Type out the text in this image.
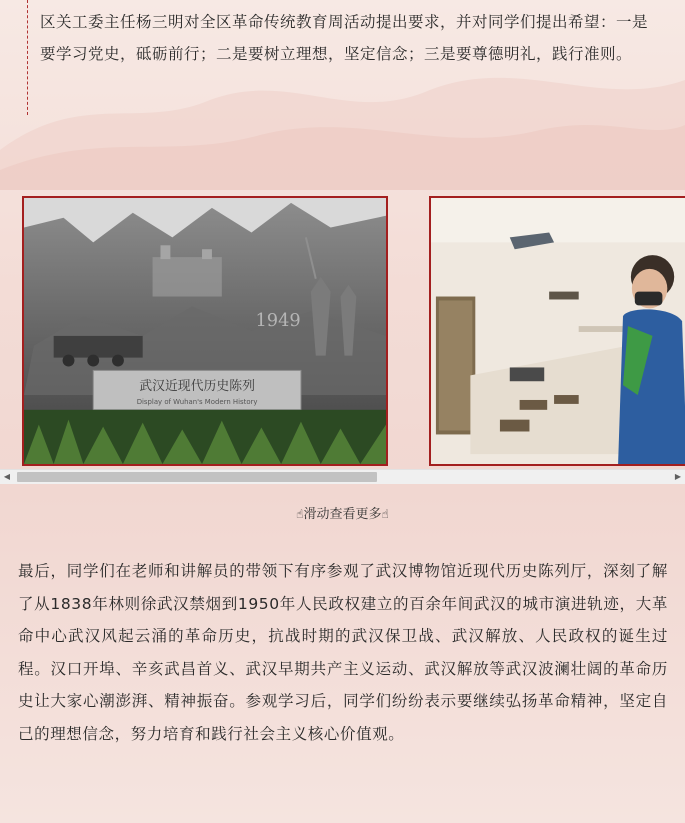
区关工委主任杨三明对全区革命传统教育周活动提出要求，并对同学们提出希望：一是要学习党史，砥砺前行；二是要树立理想，坚定信念；三是要尊德明礼，践行准则。

1949
武汉近现代历史陈列
Display of Wuhan's Modern History
◀	▶
☝滑动查看更多☝

最后，同学们在老师和讲解员的带领下有序参观了武汉博物馆近现代历史陈列厅，深刻了解了从1838年林则徐武汉禁烟到1950年人民政权建立的百余年间武汉的城市演进轨迹，大革命中心武汉风起云涌的革命历史，抗战时期的武汉保卫战、武汉解放、人民政权的诞生过程。汉口开埠、辛亥武昌首义、武汉早期共产主义运动、武汉解放等武汉波澜壮阔的革命历史让大家心潮澎湃、精神振奋。参观学习后，同学们纷纷表示要继续弘扬革命精神，坚定自己的理想信念，努力培育和践行社会主义核心价值观。
